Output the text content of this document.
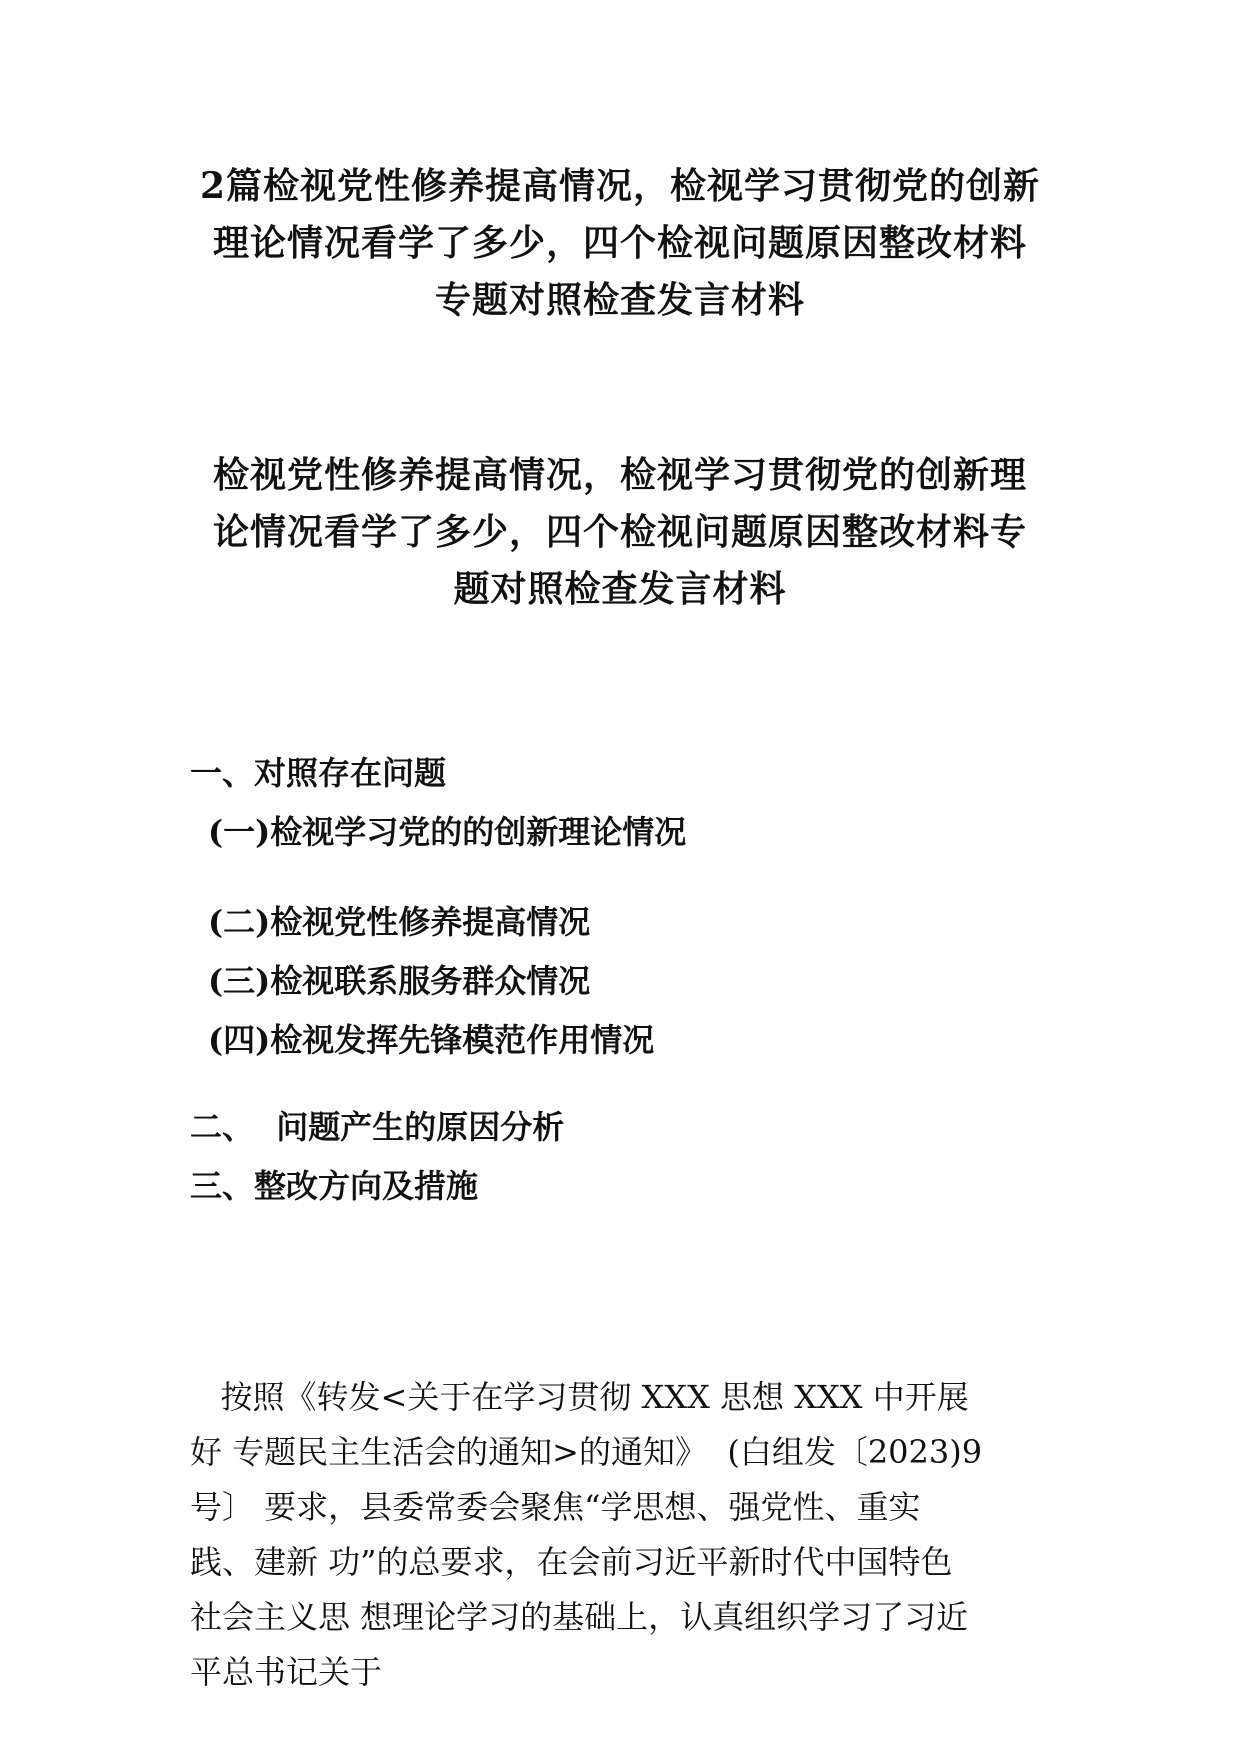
2篇检视党性修养提高情况，检视学习贯彻党的创新
理论情况看学了多少，四个检视问题原因整改材料
专题对照检查发言材料
检视党性修养提高情况，检视学习贯彻党的创新理
论情况看学了多少，四个检视问题原因整改材料专
题对照检查发言材料
一、对照存在问题
(一)检视学习党的的创新理论情况
(二)检视党性修养提高情况
(三)检视联系服务群众情况
(四)检视发挥先锋模范作用情况
二、  问题产生的原因分析
三、整改方向及措施
按照《转发<关于在学习贯彻 XXX 思想 XXX 中开展
好 专题民主生活会的通知>的通知》  (白组发〔2023)9
号〕 要求，县委常委会聚焦“学思想、强党性、重实
践、建新 功”的总要求，在会前习近平新时代中国特色
社会主义思 想理论学习的基础上，认真组织学习了习近
平总书记关于
